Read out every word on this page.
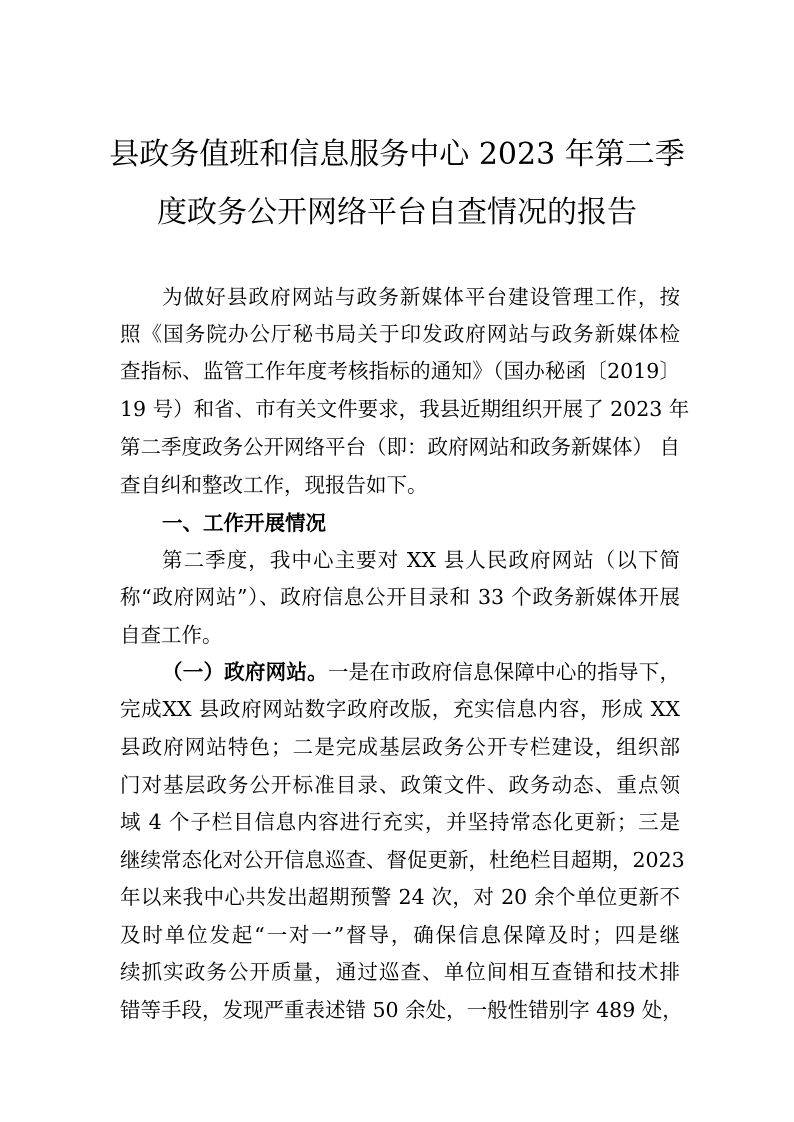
县政务值班和信息服务中心 2023 年第二季
度政务公开网络平台自查情况的报告
为做好县政府网站与政务新媒体平台建设管理工作，按
照《国务院办公厅秘书局关于印发政府网站与政务新媒体检
查指标、监管工作年度考核指标的通知》（国办秘函〔2019〕
19 号）和省、市有关文件要求，我县近期组织开展了 2023 年
第二季度政务公开网络平台（即：政府网站和政务新媒体） 自
查自纠和整改工作，现报告如下。
一、工作开展情况
第二季度，我中心主要对 XX 县人民政府网站（以下简
称“政府网站”）、政府信息公开目录和 33 个政务新媒体开展
自查工作。
（一）政府网站。一是在市政府信息保障中心的指导下，
完成XX 县政府网站数字政府改版，充实信息内容，形成 XX
县政府网站特色；二是完成基层政务公开专栏建设，组织部
门对基层政务公开标准目录、政策文件、政务动态、重点领
域 4 个子栏目信息内容进行充实，并坚持常态化更新；三是
继续常态化对公开信息巡查、督促更新，杜绝栏目超期，2023
年以来我中心共发出超期预警 24 次，对 20 余个单位更新不
及时单位发起“一对一”督导，确保信息保障及时；四是继
续抓实政务公开质量，通过巡查、单位间相互查错和技术排
错等手段，发现严重表述错 50 余处，一般性错别字 489 处，
